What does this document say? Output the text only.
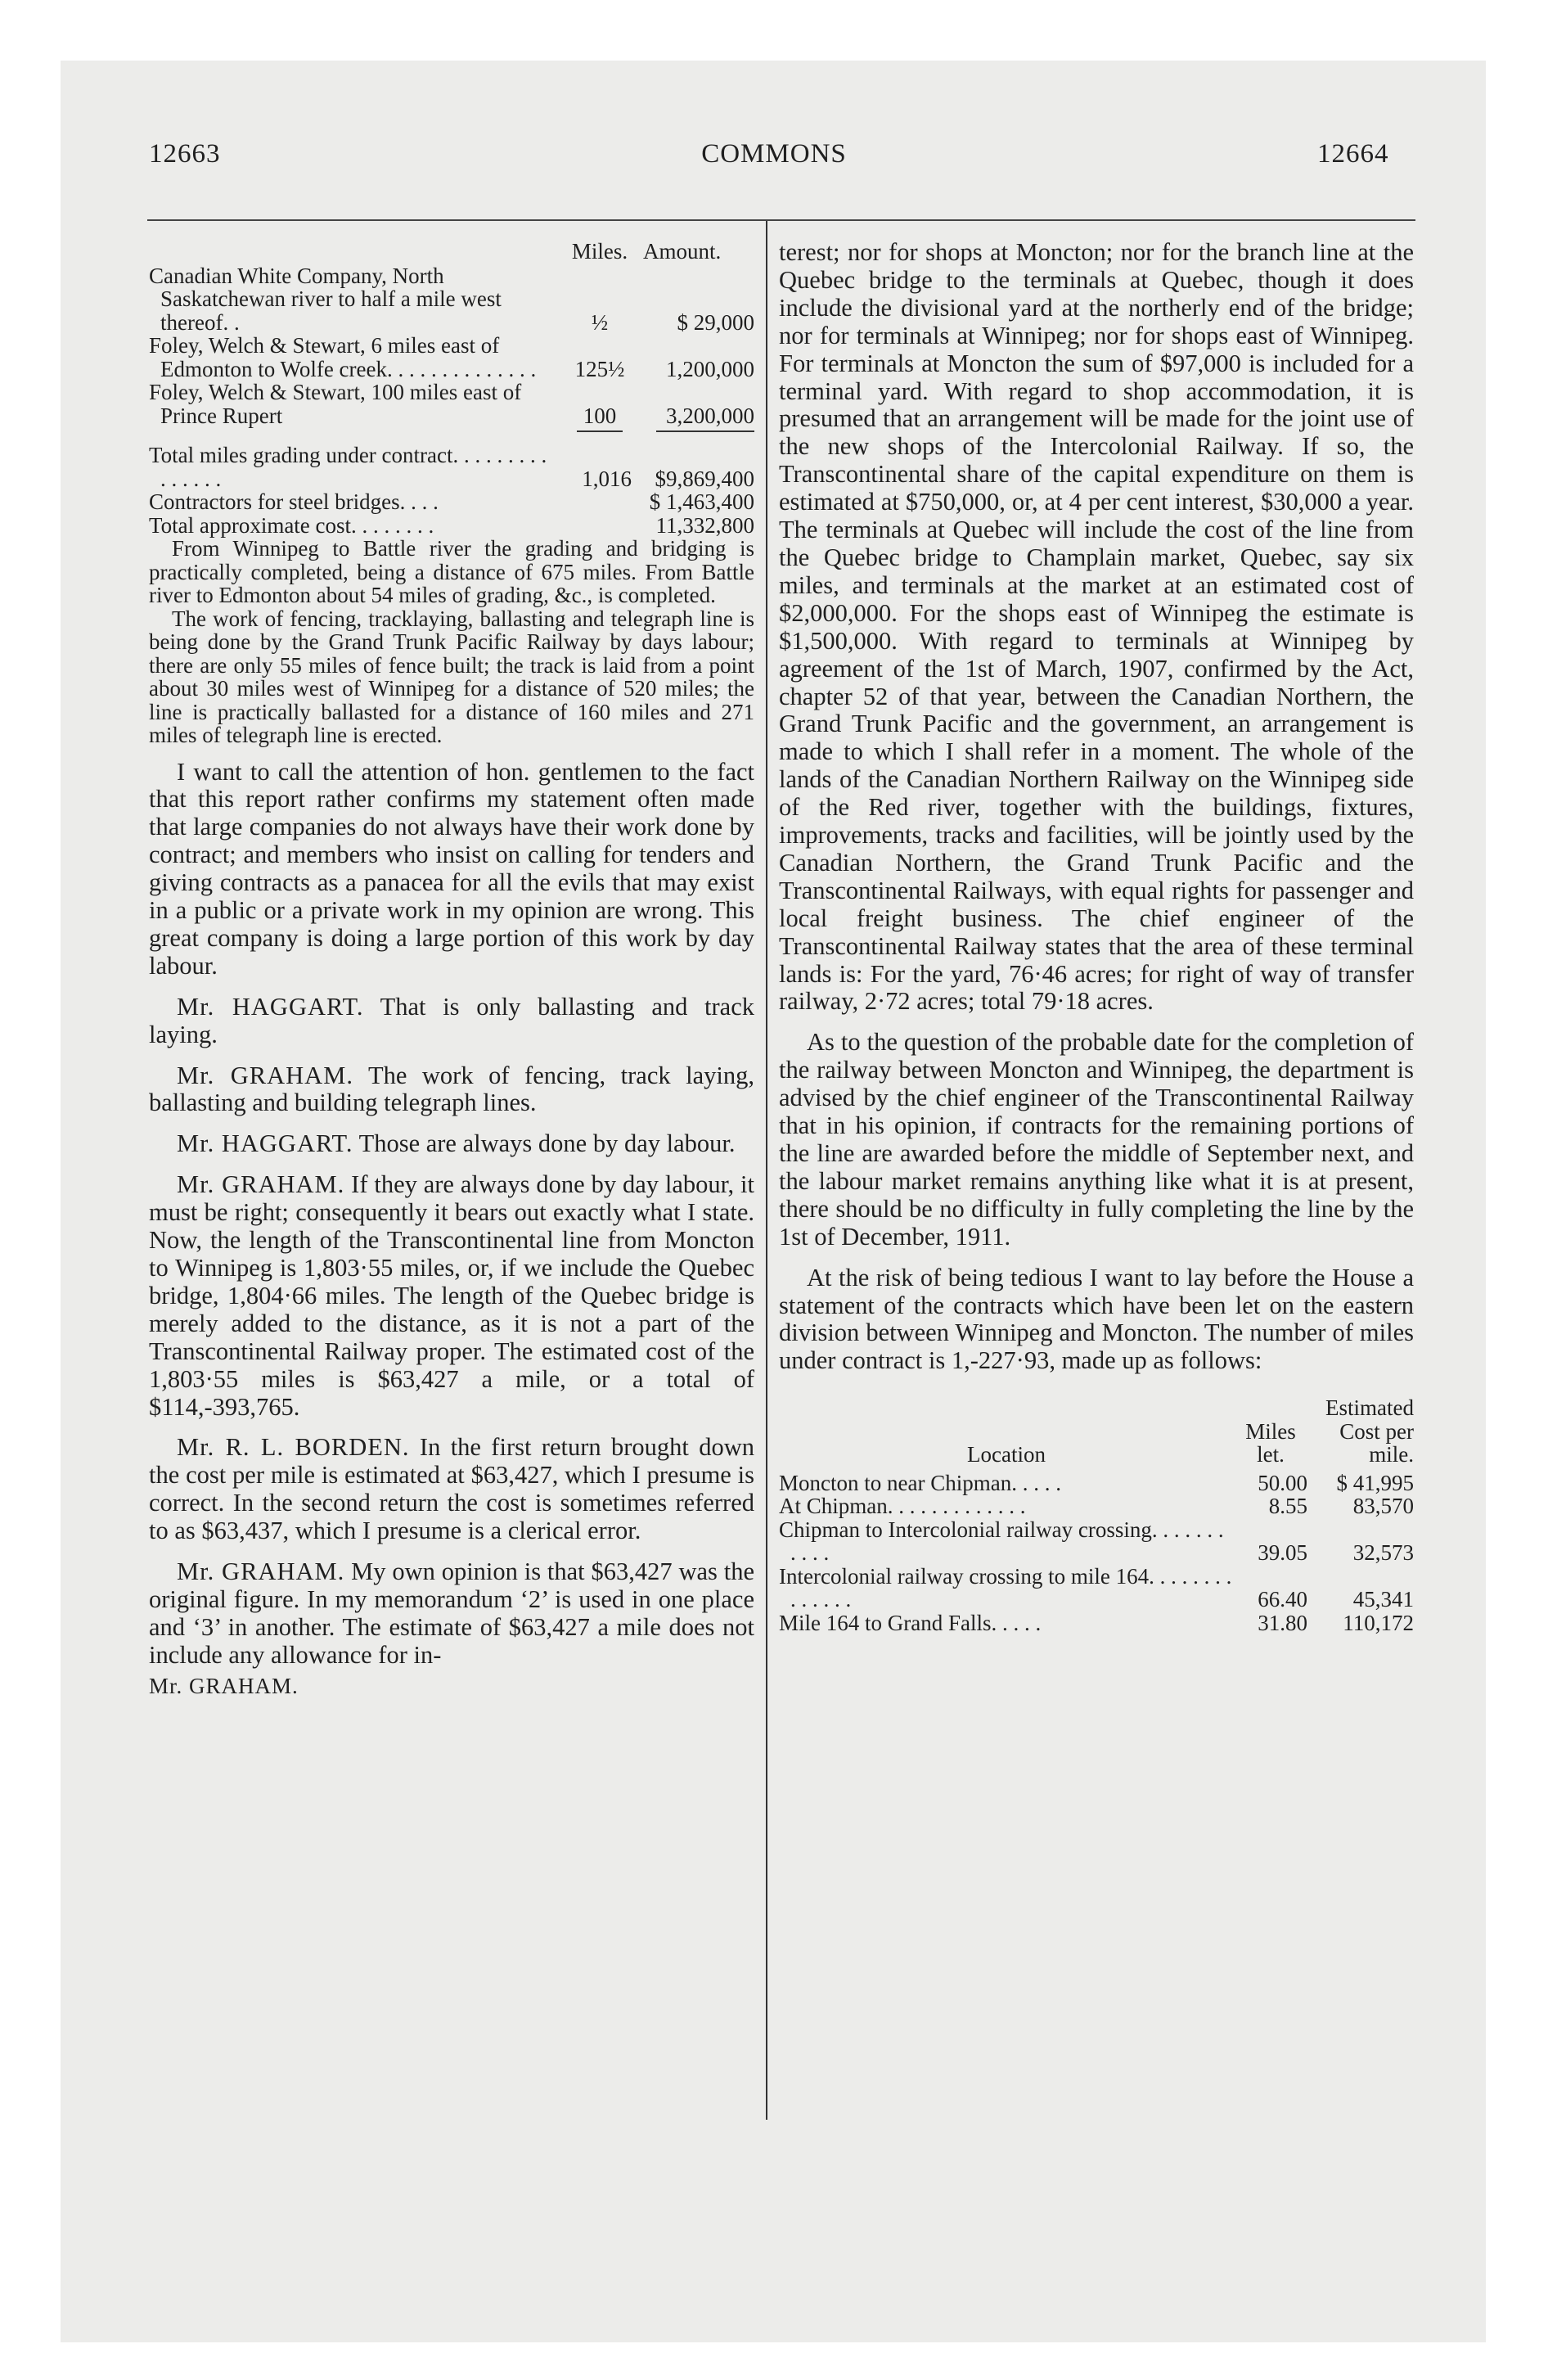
12663	COMMONS	12664
	Miles.	Amount.
Canadian White Company, North Saskatchewan river to half a mile west thereof. .	½	$ 29,000
Foley, Welch & Stewart, 6 miles east of Edmonton to Wolfe creek. . . . . . . . . . . . . .	125½	1,200,000
Foley, Welch & Stewart, 100 miles east of Prince Rupert	100	3,200,000

Total miles grading under contract. . . . . . . . . . . . . . .	1,016	$9,869,400
Contractors for steel bridges. . . .		$ 1,463,400
Total approximate cost. . . . . . . .		11,332,800

From Winnipeg to Battle river the grading and bridging is practically completed, being a distance of 675 miles. From Battle river to Edmonton about 54 miles of grading, &c., is completed.

The work of fencing, tracklaying, ballasting and telegraph line is being done by the Grand Trunk Pacific Railway by days labour; there are only 55 miles of fence built; the track is laid from a point about 30 miles west of Winnipeg for a distance of 520 miles; the line is practically ballasted for a distance of 160 miles and 271 miles of telegraph line is erected.

I want to call the attention of hon. gentlemen to the fact that this report rather confirms my statement often made that large companies do not always have their work done by contract; and members who insist on calling for tenders and giving contracts as a panacea for all the evils that may exist in a public or a private work in my opinion are wrong. This great company is doing a large portion of this work by day labour.

Mr. HAGGART. That is only ballasting and track laying.

Mr. GRAHAM. The work of fencing, track laying, ballasting and building telegraph lines.

Mr. HAGGART. Those are always done by day labour.

Mr. GRAHAM. If they are always done by day labour, it must be right; consequently it bears out exactly what I state. Now, the length of the Transcontinental line from Moncton to Winnipeg is 1,803·55 miles, or, if we include the Quebec bridge, 1,804·66 miles. The length of the Quebec bridge is merely added to the distance, as it is not a part of the Transcontinental Railway proper. The estimated cost of the 1,803·55 miles is $63,427 a mile, or a total of $114,-393,765.

Mr. R. L. BORDEN. In the first return brought down the cost per mile is estimated at $63,427, which I presume is correct. In the second return the cost is sometimes referred to as $63,437, which I presume is a clerical error.

Mr. GRAHAM. My own opinion is that $63,427 was the original figure. In my memorandum ‘2’ is used in one place and ‘3’ in another. The estimate of $63,427 a mile does not include any allowance for in-

Mr. GRAHAM.

terest; nor for shops at Moncton; nor for the branch line at the Quebec bridge to the terminals at Quebec, though it does include the divisional yard at the northerly end of the bridge; nor for terminals at Winnipeg; nor for shops east of Winnipeg. For terminals at Moncton the sum of $97,000 is included for a terminal yard. With regard to shop accommodation, it is presumed that an arrangement will be made for the joint use of the new shops of the Intercolonial Railway. If so, the Transcontinental share of the capital expenditure on them is estimated at $750,000, or, at 4 per cent interest, $30,000 a year. The terminals at Quebec will include the cost of the line from the Quebec bridge to Champlain market, Quebec, say six miles, and terminals at the market at an estimated cost of $2,000,000. For the shops east of Winnipeg the estimate is $1,500,000. With regard to terminals at Winnipeg by agreement of the 1st of March, 1907, confirmed by the Act, chapter 52 of that year, between the Canadian Northern, the Grand Trunk Pacific and the government, an arrangement is made to which I shall refer in a moment. The whole of the lands of the Canadian Northern Railway on the Winnipeg side of the Red river, together with the buildings, fixtures, improvements, tracks and facilities, will be jointly used by the Canadian Northern, the Grand Trunk Pacific and the Transcontinental Railways, with equal rights for passenger and local freight business. The chief engineer of the Transcontinental Railway states that the area of these terminal lands is: For the yard, 76·46 acres; for right of way of transfer railway, 2·72 acres; total 79·18 acres.

As to the question of the probable date for the completion of the railway between Moncton and Winnipeg, the department is advised by the chief engineer of the Transcontinental Railway that in his opinion, if contracts for the remaining portions of the line are awarded before the middle of September next, and the labour market remains anything like what it is at present, there should be no difficulty in fully completing the line by the 1st of December, 1911.

At the risk of being tedious I want to lay before the House a statement of the contracts which have been let on the eastern division between Winnipeg and Moncton. The number of miles under contract is 1,-227·93, made up as follows:

Location	Miles let.	Estimated Cost per mile.
Moncton to near Chipman. . . . .	50.00	$ 41,995
At Chipman. . . . . . . . . . . . .	8.55	83,570
Chipman to Intercolonial railway crossing. . . . . . . . . . .	39.05	32,573
Intercolonial railway crossing to mile 164. . . . . . . . . . . . . .	66.40	45,341
Mile 164 to Grand Falls. . . . .	31.80	110,172
